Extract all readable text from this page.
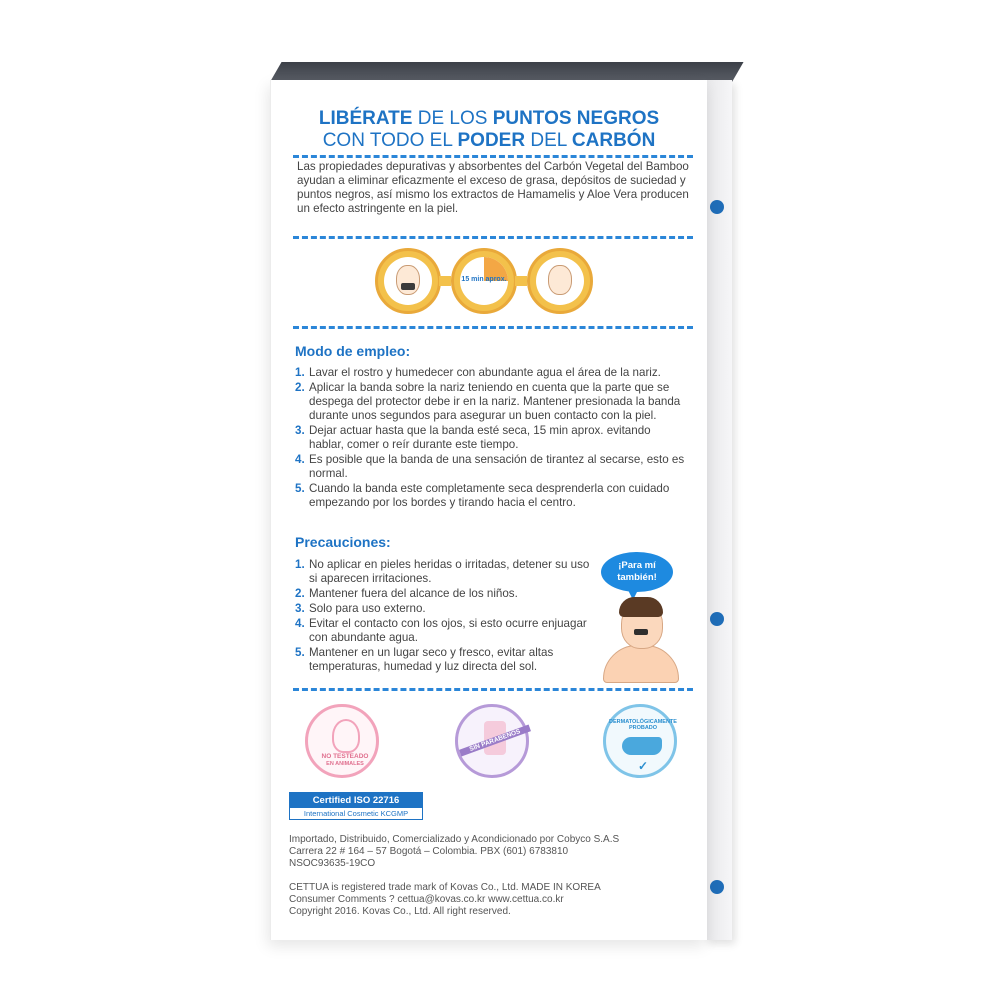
LIBÉRATE DE LOS PUNTOS NEGROS
CON TODO EL PODER DEL CARBÓN
Las propiedades depurativas y absorbentes del Carbón Vegetal del Bamboo ayudan a eliminar eficazmente el exceso de grasa, depósitos de suciedad y puntos negros, así mismo los extractos de Hamamelis y Aloe Vera producen un efecto astringente en la piel.
15 min aprox.
Modo de empleo:
1. Lavar el rostro y humedecer con abundante agua el área de la nariz.
2. Aplicar la banda sobre la nariz teniendo en cuenta que la parte que se despega del protector debe ir en la nariz. Mantener presionada la banda durante unos segundos para asegurar un buen contacto con la piel.
3. Dejar actuar hasta que la banda esté seca, 15 min aprox. evitando hablar, comer o reír durante este tiempo.
4. Es posible que la banda de una sensación de tirantez al secarse, esto es normal.
5. Cuando la banda este completamente seca desprenderla con cuidado empezando por los bordes y tirando hacia el centro.
Precauciones:
1. No aplicar en pieles heridas o irritadas, detener su uso si aparecen irritaciones.
2. Mantener fuera del alcance de los niños.
3. Solo para uso externo.
4. Evitar el contacto con los ojos, si esto ocurre enjuagar con abundante agua.
5. Mantener en un lugar seco y fresco, evitar altas temperaturas, humedad y luz directa del sol.
¡Para mí
también!
NO TESTEADO
EN ANIMALES
SIN PARABENOS
DERMATOLÓGICAMENTE PROBADO
✓
Certified ISO 22716
International Cosmetic KCGMP
Importado, Distribuido, Comercializado y Acondicionado por Cobyco S.A.S
Carrera 22 # 164 – 57 Bogotá – Colombia. PBX (601) 6783810
NSOC93635-19CO
CETTUA is registered trade mark of Kovas Co., Ltd. MADE IN KOREA
Consumer Comments ? cettua@kovas.co.kr www.cettua.co.kr
Copyright 2016. Kovas Co., Ltd. All right reserved.
